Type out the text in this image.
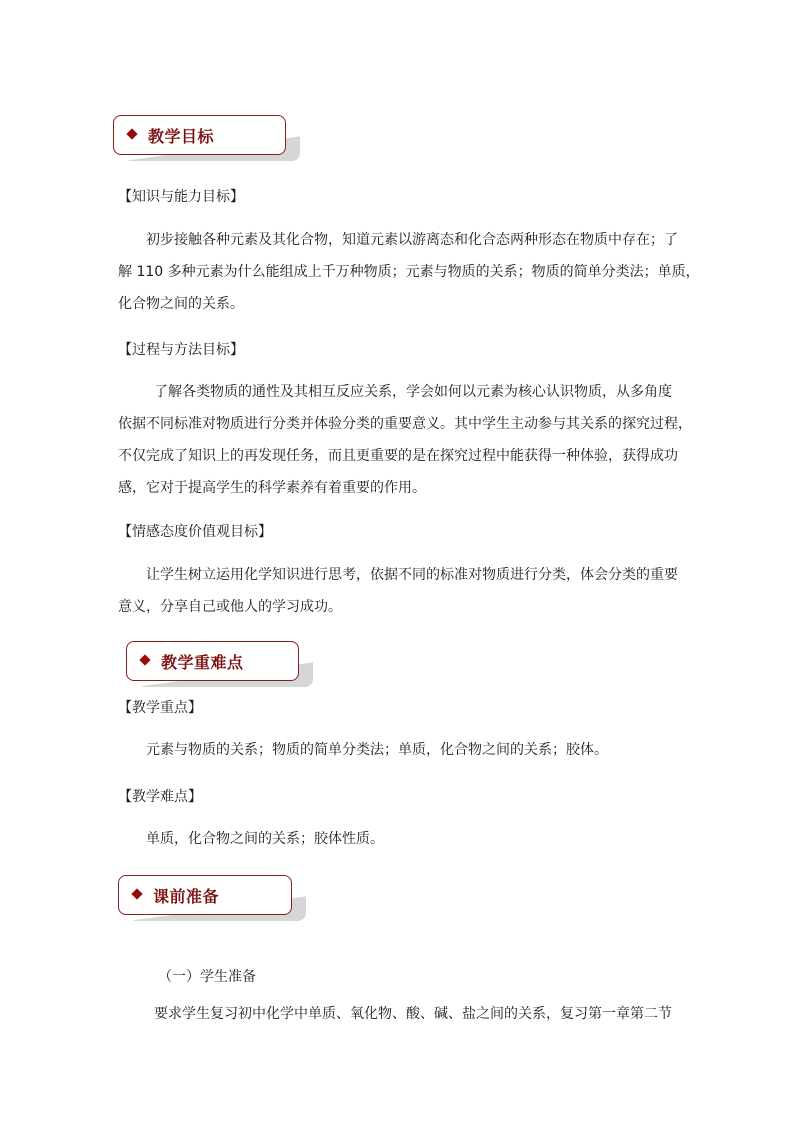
教学目标
【知识与能力目标】

初步接触各种元素及其化合物，知道元素以游离态和化合态两种形态在物质中存在；了

解 110 多种元素为什么能组成上千万种物质；元素与物质的关系；物质的简单分类法；单质，

化合物之间的关系。

【过程与方法目标】

了解各类物质的通性及其相互反应关系，学会如何以元素为核心认识物质，从多角度

依据不同标准对物质进行分类并体验分类的重要意义。其中学生主动参与其关系的探究过程，

不仅完成了知识上的再发现任务，而且更重要的是在探究过程中能获得一种体验，获得成功

感，它对于提高学生的科学素养有着重要的作用。

【情感态度价值观目标】

让学生树立运用化学知识进行思考，依据不同的标准对物质进行分类，体会分类的重要

意义，分享自己或他人的学习成功。

教学重难点
【教学重点】

元素与物质的关系；物质的简单分类法；单质，化合物之间的关系；胶体。

【教学难点】

单质，化合物之间的关系；胶体性质。

课前准备
（一）学生准备

要求学生复习初中化学中单质、氧化物、酸、碱、盐之间的关系，复习第一章第二节
